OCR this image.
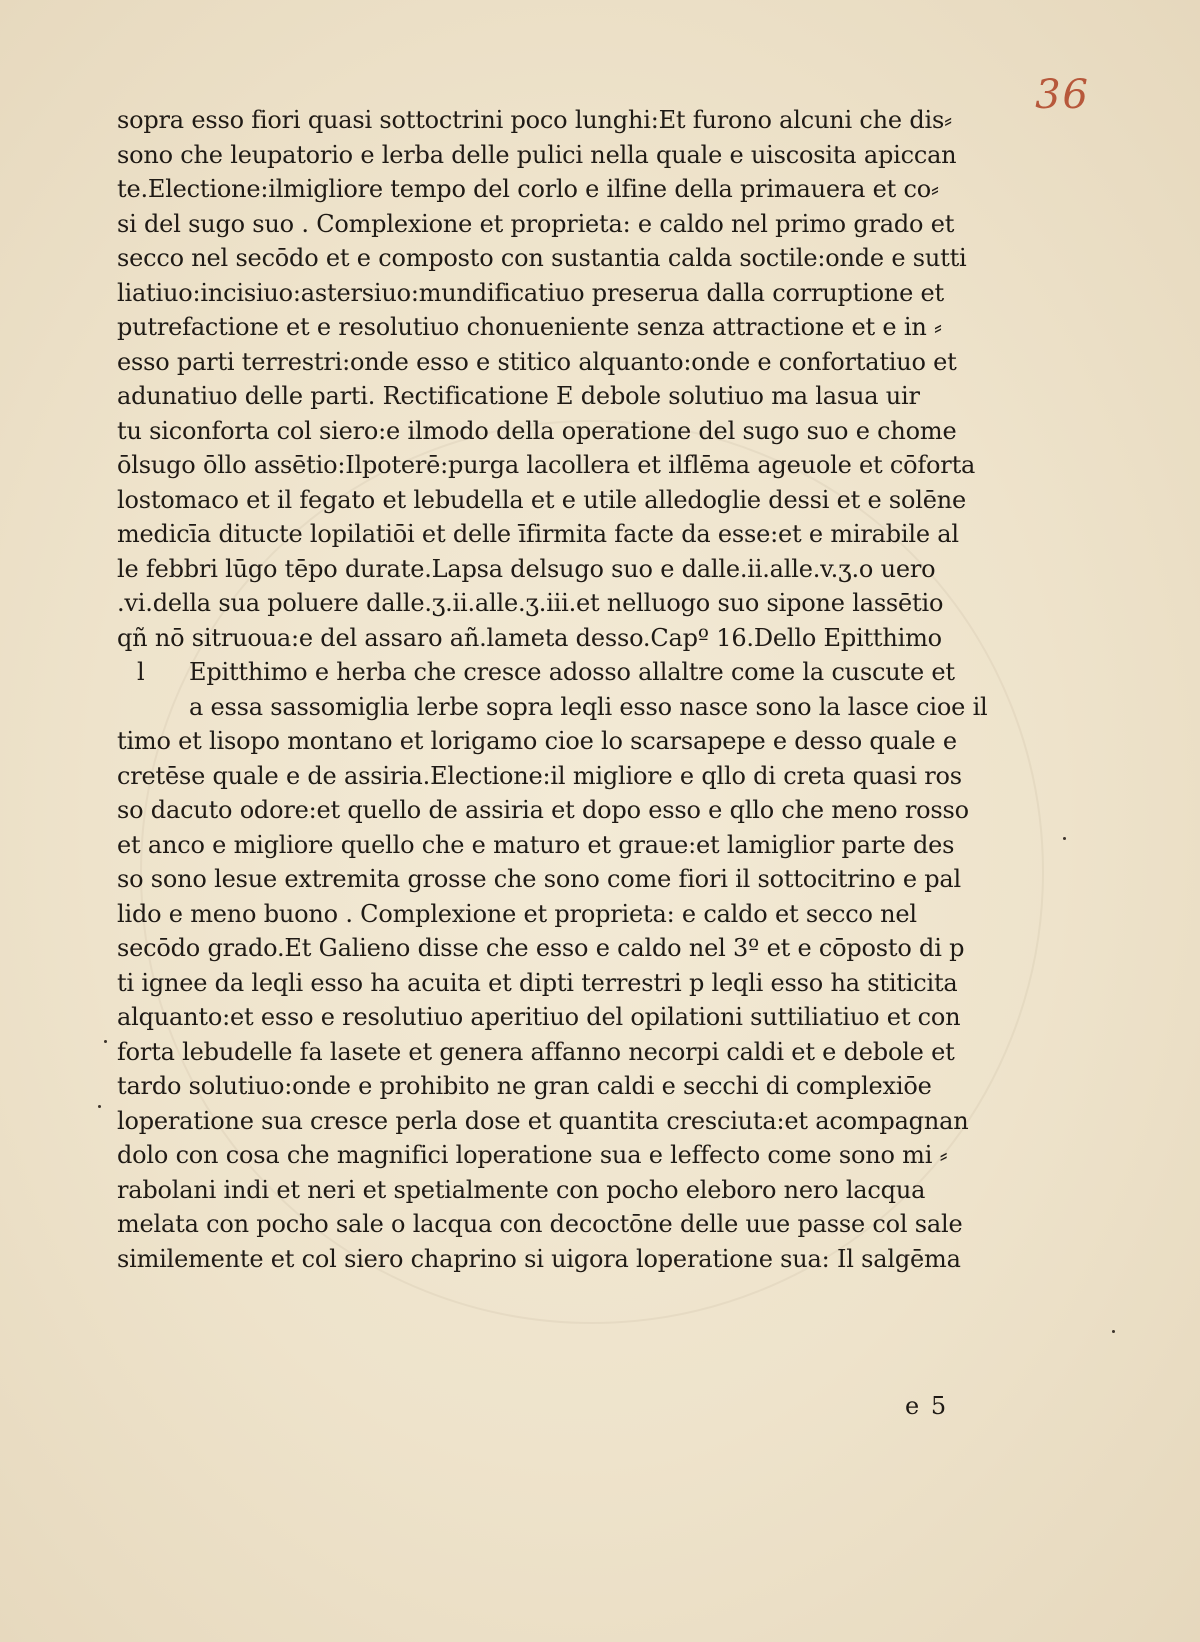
36
sopra esso fiori quasi sottoctrini poco lunghi:Et furono alcuni che dis⸗
sono che leupatorio e lerba delle pulici nella quale e uiscosita apiccan
te.Electione:ilmigliore tempo del corlo e ilfine della primauera et co⸗
si del sugo suo . Complexione et proprieta: e caldo nel primo grado et
secco nel secōdo et e composto con sustantia calda soctile:onde e sutti
liatiuo:incisiuo:astersiuo:mundificatiuo preserua dalla corruptione et
putrefactione et e resolutiuo chonueniente senza attractione et e in ⸗
esso parti terrestri:onde esso e stitico alquanto:onde e confortatiuo et
adunatiuo delle parti. Rectificatione E debole solutiuo ma lasua uir
tu siconforta col siero:e ilmodo della operatione del sugo suo e chome
ōlsugo ōllo assētio:Ilpoterē:purga lacollera et ilflēma ageuole et cōforta
lostomaco et il fegato et lebudella et e utile alledoglie dessi et e solēne
medicīa ditucte lopilatiōi et delle īfirmita facte da esse:et e mirabile al
le febbri lūgo tēpo durate.Lapsa delsugo suo e dalle.ii.alle.v.ʒ.o uero
.vi.della sua poluere dalle.ʒ.ii.alle.ʒ.iii.et nelluogo suo sipone lassētio
qñ nō sitruoua:e del assaro añ.lameta desso.Capº 16.Dello Epitthimo
l Epitthimo e herba che cresce adosso allaltre come la cuscute et
a essa sassomiglia lerbe sopra leqli esso nasce sono la lasce cioe il
timo et lisopo montano et lorigamo cioe lo scarsapepe e desso quale e
cretēse quale e de assiria.Electione:il migliore e qllo di creta quasi ros
so dacuto odore:et quello de assiria et dopo esso e qllo che meno rosso
et anco e migliore quello che e maturo et graue:et lamiglior parte des
so sono lesue extremita grosse che sono come fiori il sottocitrino e pal
lido e meno buono . Complexione et proprieta: e caldo et secco nel
secōdo grado.Et Galieno disse che esso e caldo nel 3º et e cōposto di p
ti ignee da leqli esso ha acuita et dipti terrestri p leqli esso ha stiticita
alquanto:et esso e resolutiuo aperitiuo del opilationi suttiliatiuo et con
forta lebudelle fa lasete et genera affanno necorpi caldi et e debole et
tardo solutiuo:onde e prohibito ne gran caldi e secchi di complexiōe
loperatione sua cresce perla dose et quantita cresciuta:et acompagnan
dolo con cosa che magnifici loperatione sua e leffecto come sono mi ⸗
rabolani indi et neri et spetialmente con pocho eleboro nero lacqua
melata con pocho sale o lacqua con decoctōne delle uue passe col sale
similemente et col siero chaprino si uigora loperatione sua: Il salgēma
e 5
